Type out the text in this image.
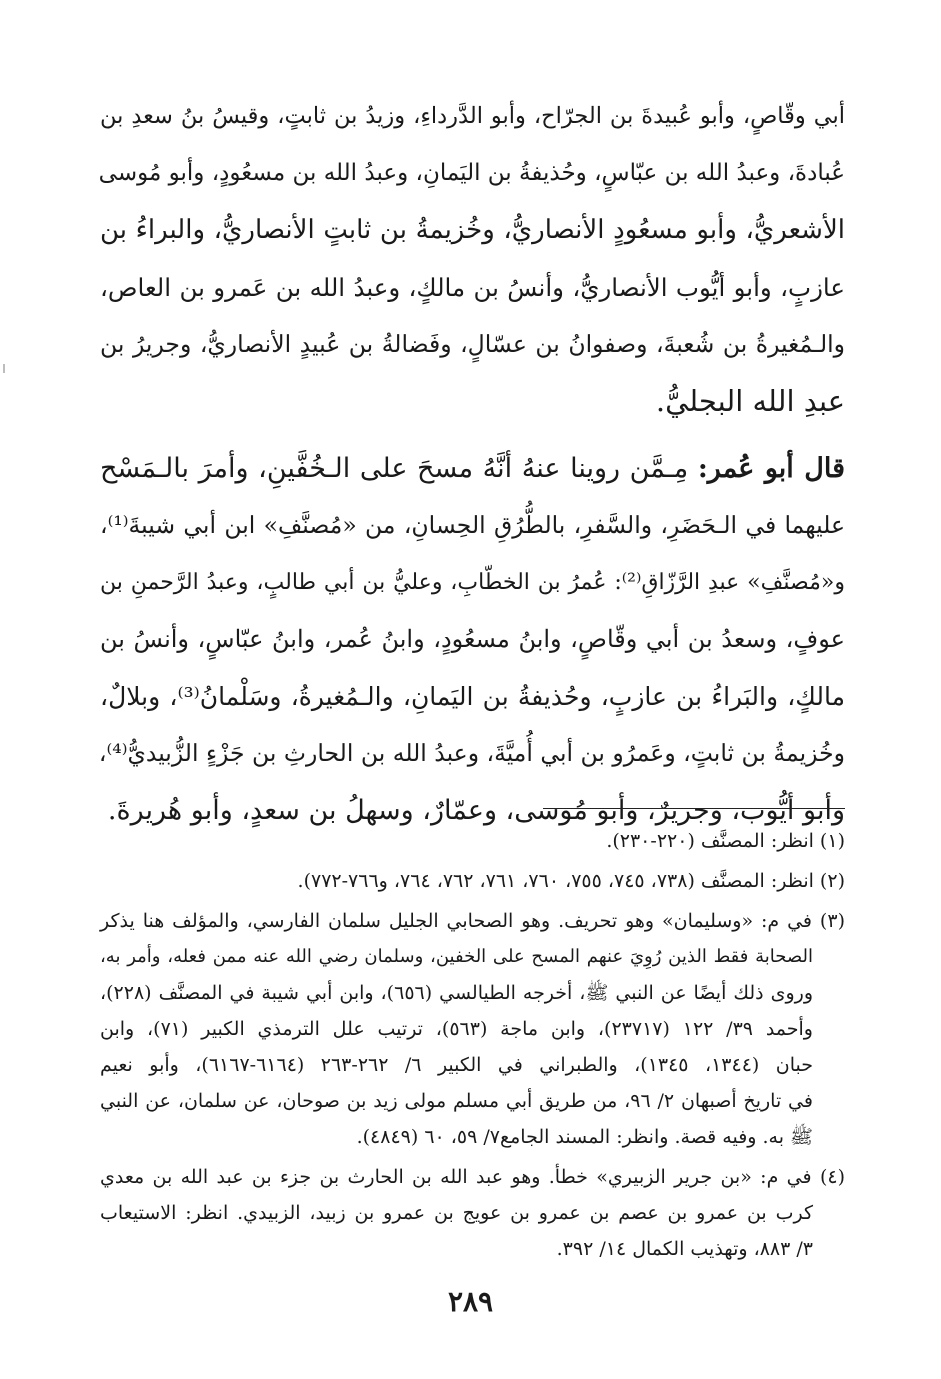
أبي وقّاصٍ، وأبو عُبيدةَ بن الجرّاح، وأبو الدَّرداءِ، وزيدُ بن ثابتٍ، وقيسُ بنُ سعدِ بن
عُبادةَ، وعبدُ الله بن عبّاسٍ، وحُذيفةُ بن اليَمانِ، وعبدُ الله بن مسعُودٍ، وأبو مُوسى
الأشعريُّ، وأبو مسعُودٍ الأنصاريُّ، وخُزيمةُ بن ثابتٍ الأنصاريُّ، والبراءُ بن
عازبٍ، وأبو أيُّوب الأنصاريُّ، وأنسُ بن مالكٍ، وعبدُ الله بن عَمرو بن العاص،
والـمُغيرةُ بن شُعبةَ، وصفوانُ بن عسّالٍ، وفَضالةُ بن عُبيدٍ الأنصاريُّ، وجريرُ بن
عبدِ الله البجليُّ.
قال أبو عُمر: مِـمَّن روينا عنهُ أنَّهُ مسحَ على الـخُفَّينِ، وأمرَ بالـمَسْح
عليهما في الـحَضَرِ، والسَّفرِ، بالطُّرُقِ الحِسانِ، من «مُصنَّفِ» ابن أبي شيبةَ⁽¹⁾،
و«مُصنَّفِ» عبدِ الرَّزّاقِ⁽²⁾: عُمرُ بن الخطّابِ، وعليُّ بن أبي طالبٍ، وعبدُ الرَّحمنِ بن
عوفٍ، وسعدُ بن أبي وقّاصٍ، وابنُ مسعُودٍ، وابنُ عُمر، وابنُ عبّاسٍ، وأنسُ بن
مالكٍ، والبَراءُ بن عازبٍ، وحُذيفةُ بن اليَمانِ، والـمُغيرةُ، وسَلْمانُ⁽³⁾، وبلالٌ،
وخُزيمةُ بن ثابتٍ، وعَمرُو بن أبي أُميَّةَ، وعبدُ الله بن الحارثِ بن جَزْءٍ الزُّبيديُّ⁽⁴⁾،
وأبو أيُّوب، وجريرٌ، وأبو مُوسى، وعمّارٌ، وسهلُ بن سعدٍ، وأبو هُريرةَ.
(١) انظر: المصنَّف (٢٢٠-٢٣٠).
(٢) انظر: المصنَّف (٧٣٨، ٧٤٥، ٧٥٥، ٧٦٠، ٧٦١، ٧٦٢، ٧٦٤، و٧٦٦-٧٧٢).
(٣) في م: «وسليمان» وهو تحريف. وهو الصحابي الجليل سلمان الفارسي، والمؤلف هنا يذكر
الصحابة فقط الذين رُوِيَ عنهم المسح على الخفين، وسلمان رضي الله عنه ممن فعله، وأمر به،
وروى ذلك أيضًا عن النبي ﷺ، أخرجه الطيالسي (٦٥٦)، وابن أبي شيبة في المصنَّف (٢٢٨)،
وأحمد ٣٩/ ١٢٢ (٢٣٧١٧)، وابن ماجة (٥٦٣)، ترتيب علل الترمذي الكبير (٧١)، وابن
حبان (١٣٤٤، ١٣٤٥)، والطبراني في الكبير ٦/ ٢٦٢-٢٦٣ (٦١٦٤-٦١٦٧)، وأبو نعيم
في تاريخ أصبهان ٢/ ٩٦، من طريق أبي مسلم مولى زيد بن صوحان، عن سلمان، عن النبي
ﷺ به. وفيه قصة. وانظر: المسند الجامع٧/ ٥٩، ٦٠ (٤٨٤٩).
(٤) في م: «بن جرير الزبيري» خطأ. وهو عبد الله بن الحارث بن جزء بن عبد الله بن معدي
كرب بن عمرو بن عصم بن عمرو بن عويج بن عمرو بن زبيد، الزبيدي. انظر: الاستيعاب
٣/ ٨٨٣، وتهذيب الكمال ١٤/ ٣٩٢.
٢٨٩
